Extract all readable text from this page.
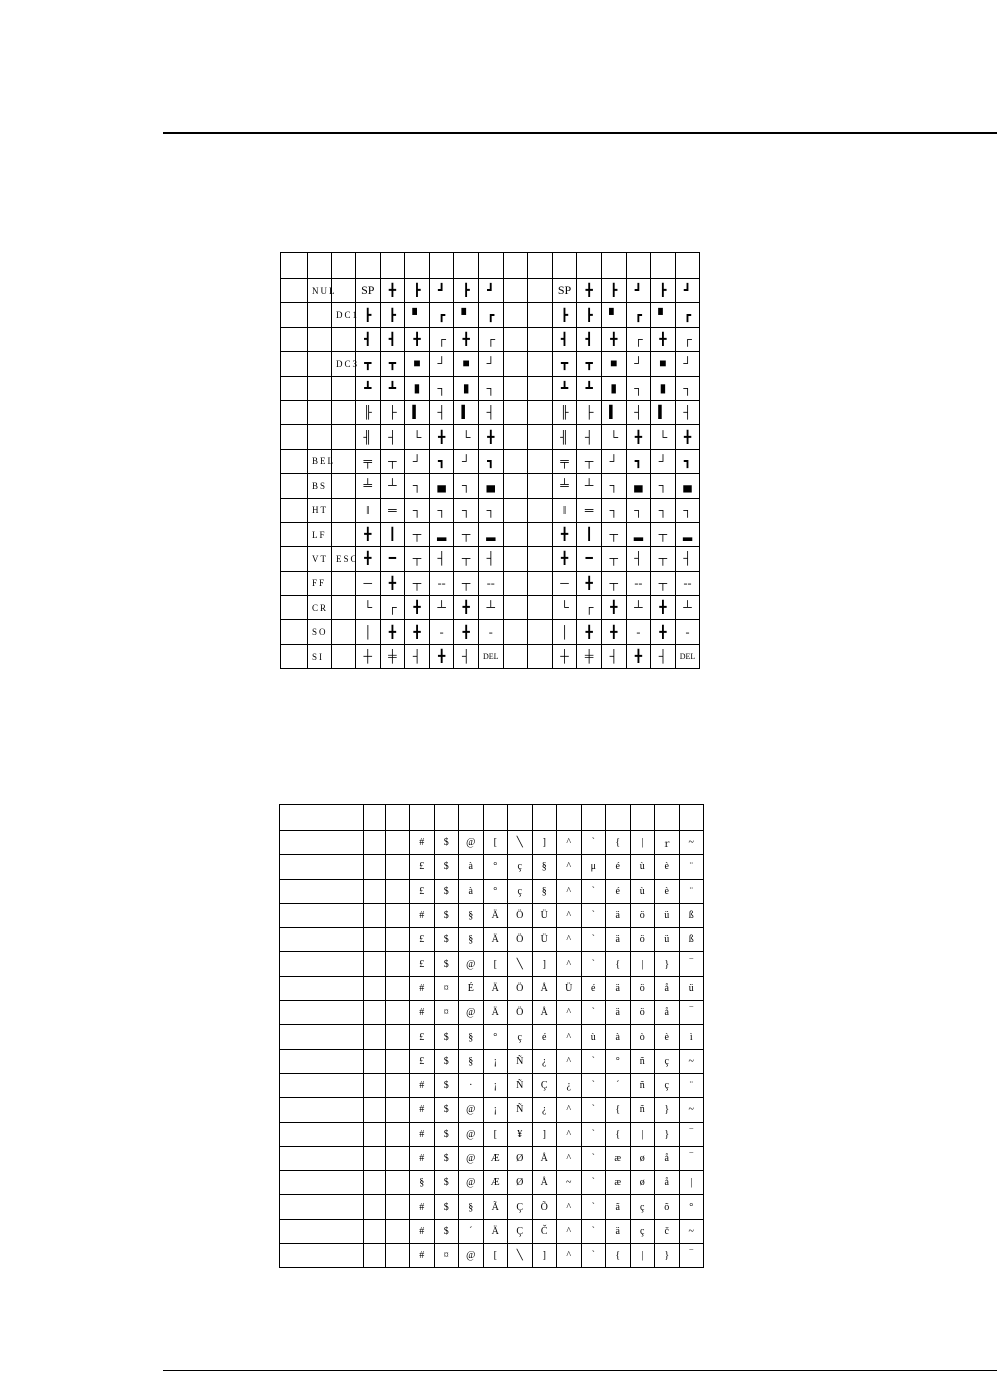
	NUL		SP	╋	┣	┛	┣	┛			SP	╋	┣	┛	┣	┛
		DC1	┣	┣	▘	┏	▘	┏			┣	┣	▘	┏	▘	┏
			┫	┫	╋	┌	╋	┌			┫	┫	╋	┌	╋	┌
		DC3	┳	┳	■	┘	■	┘			┳	┳	■	┘	■	┘
			┻	┻	▮	┐	▮	┐			┻	┻	▮	┐	▮	┐
			╟	├	▍	┤	▍	┤			╟	├	▍	┤	▍	┤
			╢	┤	└	╋	└	╋			╢	┤	└	╋	└	╋
	BEL		╤	┬	┘	┓	┘	┓			╤	┬	┘	┓	┘	┓
	BS		╧	┴	┐	▄	┐	▄			╧	┴	┐	▄	┐	▄
	HT		‖	═	┐	┐	┐	┐			‖	═	┐	┐	┐	┐
	LF		╋	┃	┬	▂	┬	▂			╋	┃	┬	▂	┬	▂
	VT	ESC	╋	━	┬	┤	┬	┤			╋	━	┬	┤	┬	┤
	FF		─	╋	┬	--	┬	--			─	╋	┬	--	┬	--
	CR		└	┌	╋	┴	╋	┴			└	┌	╋	┴	╋	┴
	SO		│	╋	╋	-	╋	-			│	╋	╋	-	╋	-
	SI		┼	╪	┤	╋	┤	DEL			┼	╪	┤	╋	┤	DEL

			#	$	@	[	╲	]	^	`	{	|	ｒ	~
			£	$	à	°	ç	§	^	μ	é	ù	è	¨
			£	$	à	°	ç	§	^	`	é	ù	è	¨
			#	$	§	Ä	Ö	Ü	^	`	ä	ö	ü	ß
			£	$	§	Ä	Ö	Ü	^	`	ä	ö	ü	ß
			£	$	@	[	╲	]	^	`	{	|	}	‾
			#	¤	É	Ä	Ö	Å	Ü	é	ä	ö	å	ü
			#	¤	@	Ä	Ö	Å	^	`	ä	ö	å	‾
			£	$	§	°	ç	é	^	ù	à	ò	è	ì
			£	$	§	¡	Ñ	¿	^	`	°	ñ	ç	~
			#	$	·	¡	Ñ	Ç	¿	`	´	ñ	ç	¨
			#	$	@	¡	Ñ	¿	^	`	{	ñ	}	~
			#	$	@	[	¥	]	^	`	{	|	}	‾
			#	$	@	Æ	Ø	Å	^	`	æ	ø	å	‾
			§	$	@	Æ	Ø	Å	~	`	æ	ø	å	|
			#	$	§	Ã	Ç	Õ	^	`	ã	ç	õ	°
			#	$	´	Ä	Ç	Č	^	`	ä	ç	č	~
			#	¤	@	[	╲	]	^	`	{	|	}	‾
